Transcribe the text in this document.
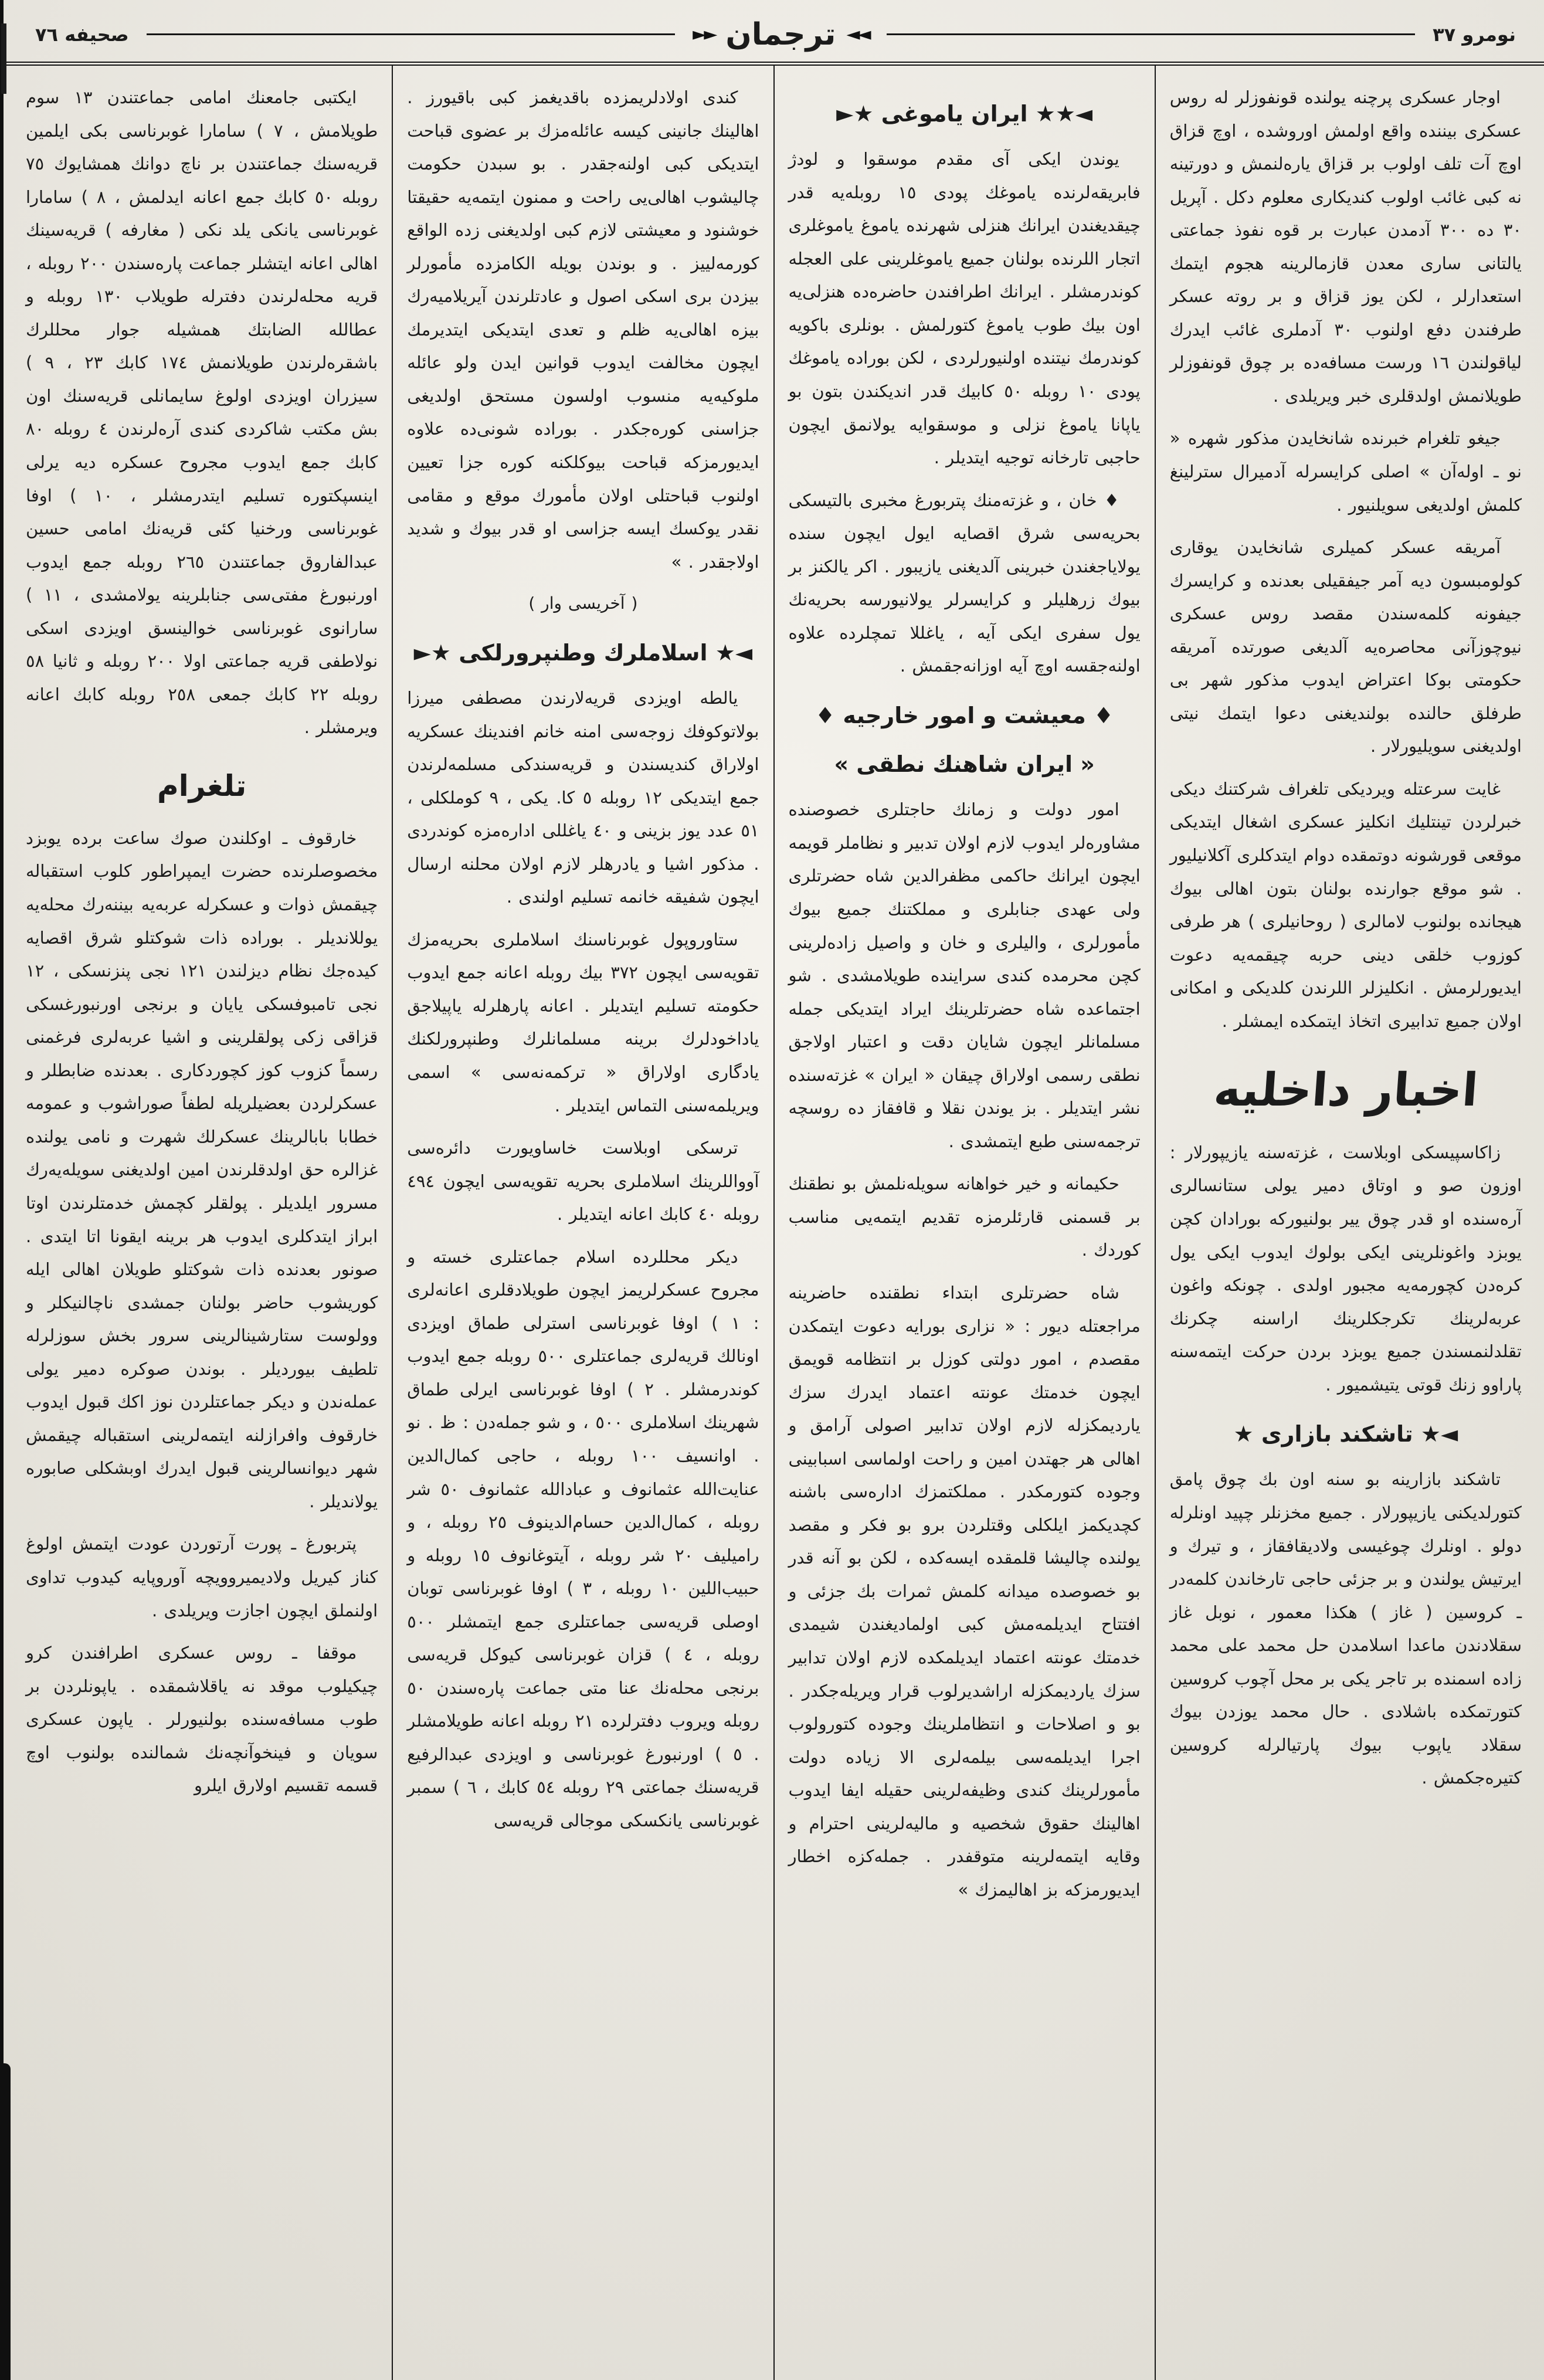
نومرو ٣٧
◄◄
ترجمان
►►
صحيفه ٧٦

اوجار عسكری پرچنه یولنده قونفوزلر له روس عسكری بیننده واقع اولمش اوروشده ، اوچ قزاق اوچ آت تلف اولوب بر قزاق یاره‌لنمش و دورتینه نه كبی غائب اولوب كندیكاری معلوم دكل . آپریل ٣٠ ده ٣٠٠ آدمدن عبارت بر قوه نفوذ جماعتی یالتانی ساری معدن قازمالرینه هجوم ایتمك استعدارلر ، لكن یوز قزاق و بر روته عسكر طرفندن دفع اولنوب ٣٠ آدملری غائب ایدرك لیاقولندن ١٦ ورست مسافه‌ده بر چوق قونفوزلر طویلانمش اولدقلری خبر ویریلدی .

جیغو تلغرام خبرنده شانخایدن مذكور شهره « نو ـ اوله‌آن » اصلی كرایسرله آدمیرال سترلینغ كلمش اولدیغی سویلنیور .

آمریقه عسكر كمیلری شانخایدن یوقاری كولومبسون دیه آمر جیفقیلی بعدنده و كرایسرك جیفونه كلمه‌سندن مقصد روس عسكری نیوچوزآنی محاصره‌یه آلدیغی صورتده آمریقه حكومتی بوكا اعتراض ایدوب مذكور شهر بی طرفلق حالنده بولندیغنی دعوا ایتمك نیتی اولدیغنی سویلیورلار .

غایت سرعتله ویردیكی تلغراف شركتنك دیكی خبرلردن تینتلیك انكلیز عسكری اشغال ایتدیكی موقعی قورشونه دوتمقده دوام ایتدكلری آكلانیلیور . شو موقع جوارنده بولنان بتون اهالی بیوك هیجانده بولنوب لامالری ( روحانیلری ) هر طرفی كوزوب خلقی دینی حربه چیقمه‌یه دعوت ایدیورلرمش . انكلیزلر اللرندن كلدیكی و امكانی اولان جمیع تدابیری اتخاذ ایتمكده ایمشلر .

اخبار داخلیه

زاكاسپیسكی اوبلاست ، غزته‌سنه یازیپورلار : اوزون صو و اوتاق دمیر یولی ستانسالری آره‌سنده او قدر چوق ییر بولنیوركه بورادان كچن یوبزد واغونلرینی ایكی بولوك ایدوب ایكی یول كره‌دن كچورمه‌یه مجبور اولدی . چونكه واغون عربه‌لرینك تكرجكلرینك اراسنه چكرنك تقلدلنمسندن جمیع یوبزد بردن حركت ایتمه‌سنه پاراوو زنك قوتی یتیشمیور .

◄★ تاشكند بازاری ★

تاشكند بازارینه بو سنه اون بك چوق پامق كتورلدیكنی یازیپورلار . جمیع مخزنلر چپید اونلرله دولو . اونلرك چوغیسی ولادیقافقاز ، و تیرك و ایرتیش یولندن و بر جزئی حاجی تارخاندن كلمه‌در ـ كروسین ( غاز ) هكذا معمور ، نوبل غاز سقلادندن ماعدا اسلامدن حل محمد علی محمد زاده اسمنده بر تاجر یكی بر محل آچوب كروسین كتورتمكده باشلادی . حال محمد یوزدن بیوك سقلاد یاپوب بیوك پارتیالرله كروسین كتیره‌جكمش .

◄★★ ایران یاموغی ★►

یوندن ایكی آی مقدم موسقوا و لودژ فابریقه‌لرنده یاموغك پودی ١٥ روبله‌یه قدر چیقدیغندن ایرانك هنزلی شهرنده یاموغ یاموغلری اتجار اللرنده بولنان جمیع یاموغلرینی على العجله كوندرمشلر . ایرانك اطرافندن حاضره‌ده هنزلی‌یه اون بیك طوب یاموغ كتورلمش . بونلری باكویه كوندرمك نیتنده اولنیورلردی ، لكن بوراده یاموغك پودی ١٠ روبله ٥٠ كابیك قدر اندیكندن بتون بو یاپانا یاموغ نزلی و موسقوایه یولانمق ایچون حاجبی تارخانه توجیه ایتدیلر .

♦ خان ، و غزته‌منك پتربورغ مخبری بالتیسكی بحریه‌سی شرق اقصایه ایول ایچون سنده یولایاجغندن خبرینی آلدیغنی یازیبور . اكر یالكنز بر بیوك زرهلیلر و كرایسرلر یولانیورسه بحریه‌نك یول سفری ایكی آیه ، یاغللا تمچلرده علاوه اولنه‌جقسه اوچ آیه اوزانه‌جقمش .

♦ معیشت و امور خارجیه ♦
« ایران شاهنك نطقی »

امور دولت و زمانك حاجتلری خصوصنده مشاوره‌لر ایدوب لازم اولان تدبیر و نظاملر قویمه ایچون ایرانك حاكمی مظفرالدین شاه حضرتلری ولی عهدی جنابلری و مملكتنك جمیع بیوك مأمورلری ، والیلری و خان و واصیل زاده‌لرینی كچن محرمده كندی سراینده طویلامشدی . شو اجتماعده شاه حضرتلرینك ایراد ایتدیكی جمله مسلمانلر ایچون شایان دقت و اعتبار اولاجق نطقی رسمی اولاراق چیقان « ایران » غزته‌سنده نشر ایتدیلر . بز یوندن نقلا و قافقاز ده روسچه ترجمه‌سنی طبع ایتمشدی .

حكیمانه و خیر خواهانه سویله‌نلمش بو نطقنك بر قسمنی قارئلرمزه تقدیم ایتمه‌یی مناسب كوردك .

شاه حضرتلری ابتداء نطقنده حاضرینه مراجعتله دیور : « نزاری بورایه دعوت ایتمكدن مقصدم ، امور دولتی كوزل بر انتظامه قویمق ایچون خدمتك عونته اعتماد ایدرك سزك یاردیمكزله لازم اولان تدابیر اصولی آرامق و اهالی هر جهتدن امین و راحت اولماسی اسبابینی وجوده كتورمكدر . مملكتمزك اداره‌سی باشنه كچدیكمز ایلكلی وقتلردن برو بو فكر و مقصد یولنده چالیشا قلمقده ایسه‌كده ، لكن بو آنه قدر بو خصوصده میدانه كلمش ثمرات بك جزئی و افتتاح ایدیلمه‌مش كبی اولمادیغندن شیمدی خدمتك عونته اعتماد ایدیلمكده لازم اولان تدابیر سزك یاردیمكزله اراشدیرلوب قرار ویریله‌جكدر . بو و اصلاحات و انتظاملرینك وجوده كتورولوب اجرا ایدیلمه‌سی بیلمه‌لری الا زیاده دولت مأمورلرینك كندی وظیفه‌لرینی حقیله ایفا ایدوب اهالینك حقوق شخصیه و مالیه‌لرینی احترام و وقایه ایتمه‌لرینه متوقفدر . جمله‌كزه اخطار ایدیورمزكه بز اهالیمزك »

كندی اولادلریمزده باقدیغمز كبی باقیورز . اهالینك جانینی كیسه عائله‌مزك بر عضوی قباحت ایتدیكی كبی اولنه‌جقدر . بو سبدن حكومت چالیشوب اهالی‌یی راحت و ممنون ایتمه‌یه حقیقتا خوشنود و معیشتی لازم كبی اولدیغنی زده الواقع كورمه‌لییز . و بوندن بویله الكامزده مأمورلر بیزدن بری اسكی اصول و عادتلرندن آیریلامیه‌رك بیزه اهالی‌یه ظلم و تعدی ایتدیكی ایتدیرمك ایچون مخالفت ایدوب قوانین ایدن ولو عائله ملوكیه‌یه منسوب اولسون مستحق اولدیغی جزاسنی كوره‌جكدر . بوراده شونی‌ده علاوه ایدیورمزكه قباحت بیوكلكنه كوره جزا تعیین اولنوب قباحتلی اولان مأمورك موقع و مقامی نقدر یوكسك ایسه جزاسی او قدر بیوك و شدید اولاجقدر . »

( آخریسی وار )

◄★ اسلاملرك وطنپرورلكی ★►

یالطه اویزدی قریه‌لارندن مصطفی میرزا بولاتوكوفك زوجه‌سی امنه خانم افندینك عسكریه اولاراق كندیسندن و قریه‌سندكی مسلمه‌لرندن جمع ایتدیكی ١٢ روبله ٥ كا. یكی ، ٩ كوملكلی ، ٥١ عدد یوز بزینی و ٤٠ یاغللی اداره‌مزه كوندردی . مذكور اشیا و یادرهلر لازم اولان محلنه ارسال ایچون شفیقه خانمه تسلیم اولندی .

ستاوروپول غوبرناسنك اسلاملری بحریه‌مزك تقویه‌سی ایچون ٣٧٢ بیك روبله اعانه جمع ایدوب حكومته تسلیم ایتدیلر . اعانه پارهلرله یاپیلاجق یاداخودلرك برینه مسلمانلرك وطنپرورلكنك یادگاری اولاراق « تركمه‌نه‌سی » اسمی ویریلمه‌سنی التماس ایتدیلر .

ترسكی اوبلاست خاساویورت دائره‌سی آوواللرینك اسلاملری بحریه تقویه‌سی ایچون ٤٩٤ روبله ٤٠ كابك اعانه ایتدیلر .

دیكر محللرده اسلام جماعتلری خسته و مجروح عسكرلریمز ایچون طویلادقلری اعانه‌لری : ١ ) اوفا غوبرناسی استرلی طماق اویزدی اونالك قریه‌لری جماعتلری ٥٠٠ روبله جمع ایدوب كوندرمشلر . ٢ ) اوفا غوبرناسی ایرلی طماق شهرینك اسلاملری ٥٠٠ ، و شو جمله‌دن : ظ . نو . اوانسیف ١٠٠ روبله ، حاجی كمال‌الدین عنایت‌الله عثمانوف و عبادالله عثمانوف ٥٠ شر روبله ، كمال‌الدین حسام‌الدینوف ٢٥ روبله ، و رامیلیف ٢٠ شر روبله ، آیتوغانوف ١٥ روبله و حبیب‌اللین ١٠ روبله ، ٣ ) اوفا غوبرناسی توبان اوصلی قریه‌سی جماعتلری جمع ایتمشلر ٥٠٠ روبله ، ٤ ) قزان غوبرناسی كیوكل قریه‌سی برنجی محله‌نك عنا متی جماعت پاره‌سندن ٥٠ روبله ویروب دفترلرده ٢١ روبله اعانه طویلامشلر . ٥ ) اورنبورغ غوبرناسی و اویزدی عبدالرفیع قریه‌سنك جماعتی ٢٩ روبله ٥٤ كابك ، ٦ ) سمبر غوبرناسی یانكسكی موجالی قریه‌سی

ایكتبی جامعنك امامی جماعتندن ١٣ سوم طویلامش ، ٧ ) سامارا غوبرناسی بكی ایلمین قریه‌سنك جماعتندن بر ناچ دوانك همشایوك ٧٥ روبله ٥٠ كابك جمع اعانه ایدلمش ، ٨ ) سامارا غوبرناسی یانكی یلد نكی ( مغارفه ) قریه‌سینك اهالی اعانه ایتشلر جماعت پاره‌سندن ٢٠٠ روبله ، قریه محله‌لرندن دفترله طویلاب ١٣٠ روبله و عطالله الضابتك همشیله جوار محللرك باشقره‌لرندن طویلانمش ١٧٤ كابك ٢٣ ، ٩ ) سیزران اویزدی اولوغ سایمانلی قریه‌سنك اون بش مكتب شاكردی كندی آره‌لرندن ٤ روبله ٨٠ كابك جمع ایدوب مجروح عسكره دیه یرلی اینسپكتوره تسلیم ایتدرمشلر ، ١٠ ) اوفا غوبرناسی ورخنیا كئی قریه‌نك امامی حسین عبدالفاروق جماعتندن ٢٦٥ روبله جمع ایدوب اورنبورغ مفتی‌سی جنابلرینه یولامشدی ، ١١ ) سارانوی غوبرناسی خوالینسق اویزدی اسكی نولاطفی قریه جماعتی اولا ٢٠٠ روبله و ثانیا ٥٨ روبله ٢٢ كابك جمعی ٢٥٨ روبله كابك اعانه ویرمشلر .

تلغرام

خارقوف ـ اوكلندن صوك ساعت برده یوبزد مخصوصلرنده حضرت ایمپراطور كلوب استقباله چیقمش ذوات و عسكرله عربه‌یه بیننه‌رك محله‌یه یوللاندیلر . بوراده ذات شوكتلو شرق اقصایه كیده‌جك نظام دیزلندن ١٢١ نجی پنزنسكی ، ١٢ نجی تامبوفسكی یایان و برنجی اورنبورغسكی قزاقی زكی پولقلرینی و اشیا عربه‌لری فرغمنی رسماً كزوب كوز كچوردكاری . بعدنده ضابطلر و عسكرلردن بعضیلریله لطفاً صوراشوب و عمومه خطابا بابالرینك عسكرلك شهرت و نامی یولنده غزالره حق اولدقلرندن امین اولدیغنی سویله‌یه‌رك مسرور ایلدیلر . پولقلر كچمش خدمتلرندن اوتا ابراز ایتدكلری ایدوب هر برینه ایقونا اتا ایتدی . صونور بعدنده ذات شوكتلو طویلان اهالی ایله كوریشوب حاضر بولنان جمشدی ناچالنیكلر و وولوست ستارشینالرینی سرور بخش سوزلرله تلطیف بیوردیلر . بوندن صوكره دمیر یولی عمله‌ندن و دیكر جماعتلردن نوز اكك قبول ایدوب خارقوف وافرازلنه ایتمه‌لرینی استقباله چیقمش شهر دیوانسالرینی قبول ایدرك اوبشكلی صابوره یولاندیلر .

پتربورغ ـ پورت آرتوردن عودت ایتمش اولوغ كناز كیریل ولادیمیروویچه آوروپایه كیدوب تداوی اولنملق ایچون اجازت ویریلدی .

موقفا ـ روس عسكری اطرافندن كرو چیكیلوب موقد نه یاقلاشمقده . یاپونلردن بر طوب مسافه‌سنده بولنیورلر . یاپون عسكری سویان و فینخوآنچه‌نك شمالنده بولنوب اوچ قسمه تقسیم اولارق ایلرو
